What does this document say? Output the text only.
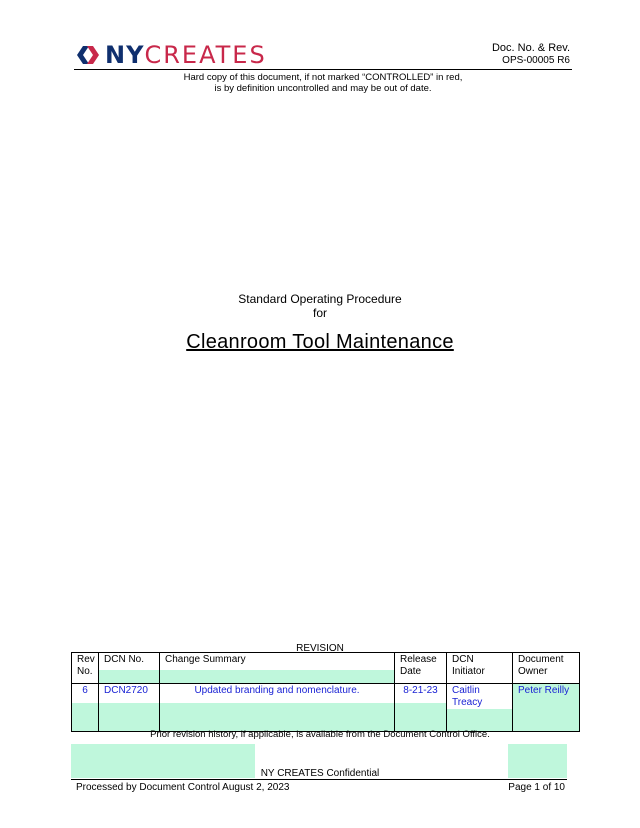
NY CREATES	Doc. No. & Rev.
OPS-00005 R6
Hard copy of this document, if not marked “CONTROLLED” in red,
is by definition uncontrolled and may be out of date.
Standard Operating Procedure
for
Cleanroom Tool Maintenance
REVISION
Rev No.	DCN No.	Change Summary	Release Date	DCN Initiator	Document Owner

6	DCN2720	Updated branding and nomenclature.	8-21-23	Caitlin Treacy	Peter Reilly
Prior revision history, if applicable, is available from the Document Control Office.
NY CREATES Confidential
Processed by Document Control August 2, 2023	Page 1 of 10
